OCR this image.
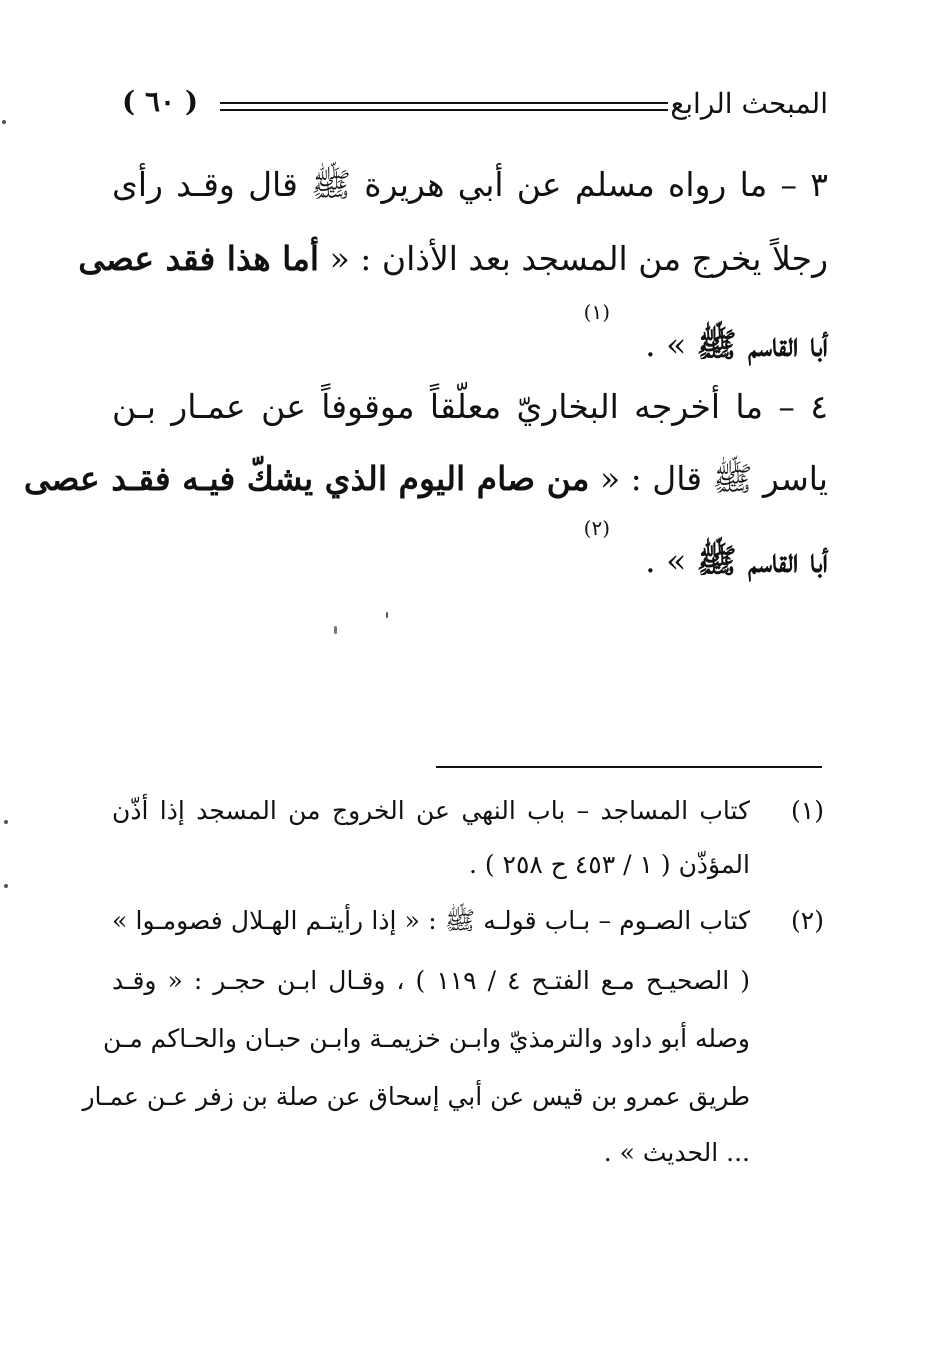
المبحث الرابع
( ٦٠ )
٣ – ما رواه مسلم عن أبي هريرة ﷺ قال وقـد رأى
رجلاً يخرج من المسجد بعد الأذان : « أما هذا فقد عصى
(١)
أبا القاسم ﷺ » .
٤ – ما أخرجه البخاريّ معلّقاً موقوفاً عن عمـار بـن
ياسر ﷺ قال : « من صام اليوم الذي يشكّ فيـه فقـد عصى
(٢)
أبا القاسم ﷺ » .
(١)
كتاب المساجد – باب النهي عن الخروج من المسجد إذا أذّن
المؤذّن ( ١ / ٤٥٣ ح ٢٥٨ ) .
(٢)
كتاب الصـوم – بـاب قولـه ﷺ : « إذا رأيتـم الهـلال فصومـوا »
( الصحيـح مـع الفتـح ٤ / ١١٩ ) ، وقـال ابـن حجـر : « وقـد
وصله أبو داود والترمذيّ وابـن خزيمـة وابـن حبـان والحـاكم مـن
طريق عمرو بن قيس عن أبي إسحاق عن صلة بن زفر عـن عمـار
... الحديث » .
